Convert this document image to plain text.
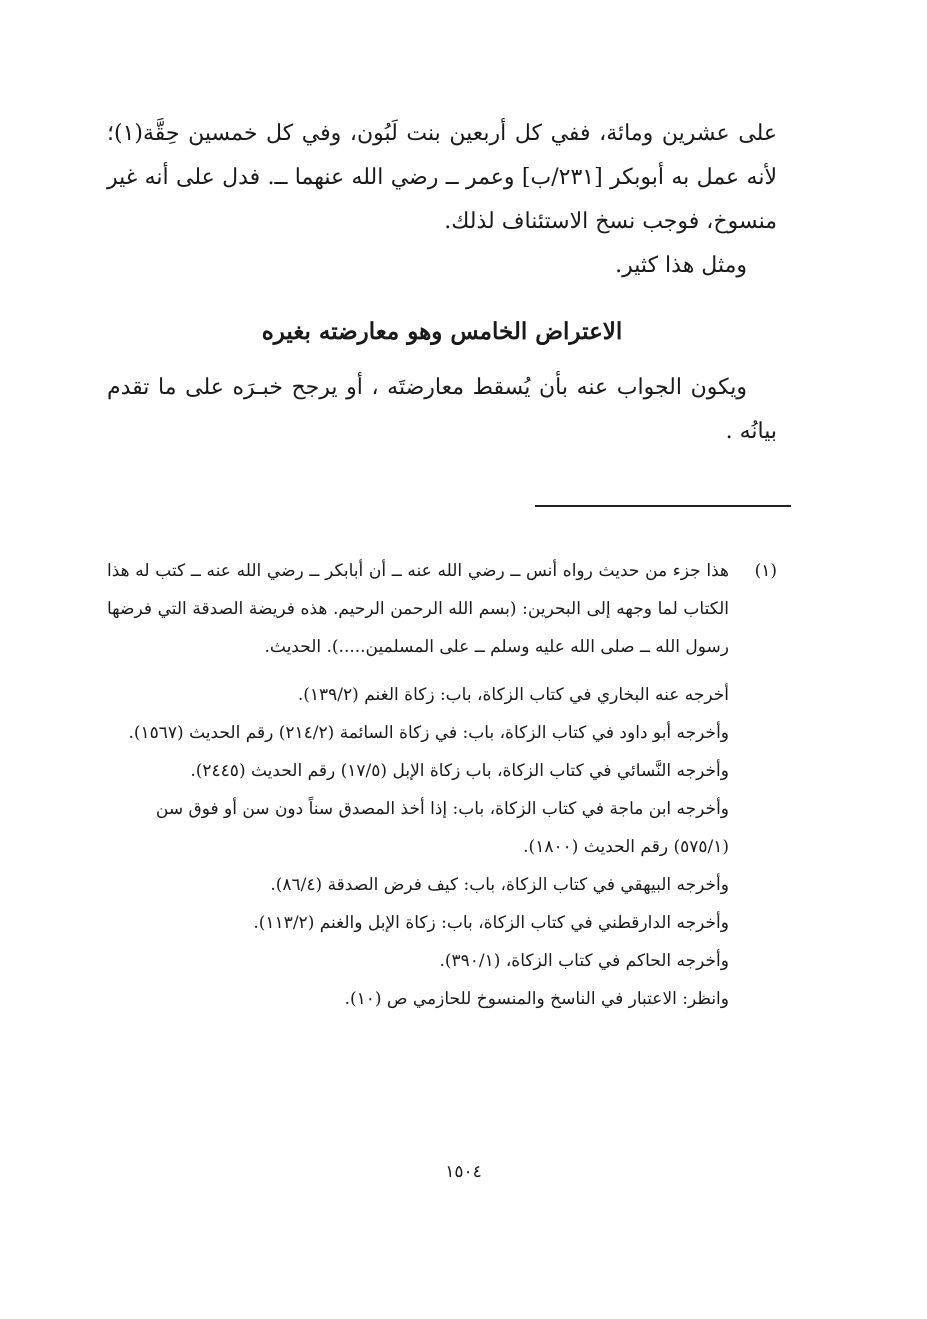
على عشرين ومائة، ففي كل أربعين بنت لَبُون، وفي كل خمسين حِقَّة(١)؛ لأنه عمل به أبوبكر [٢٣١/ب] وعمر ــ رضي الله عنهما ــ. فدل على أنه غير منسوخ، فوجب نسخ الاستئناف لذلك.

ومثل هذا كثير.

الاعتراض الخامس وهو معارضته بغيره

ويكون الجواب عنه بأن يُسقط معارضتَه ، أو يرجح خبـرَه على ما تقدم بيانُه .

(١)
هذا جزء من حديث رواه أنس ــ رضي الله عنه ــ أن أبابكر ــ رضي الله عنه ــ كتب له هذا الكتاب لما وجهه إلى البحرين: (بسم الله الرحمن الرحيم. هذه فريضة الصدقة التي فرضها رسول الله ــ صلى الله عليه وسلم ــ على المسلمين.....). الحديث.
أخرجه عنه البخاري في كتاب الزكاة، باب: زكاة الغنم (١٣٩/٢).
وأخرجه أبو داود في كتاب الزكاة، باب: في زكاة السائمة (٢١٤/٢) رقم الحديث (١٥٦٧).
وأخرجه النَّسائي في كتاب الزكاة، باب زكاة الإبل (١٧/٥) رقم الحديث (٢٤٤٥).
وأخرجه ابن ماجة في كتاب الزكاة، باب: إذا أخذ المصدق سناً دون سن أو فوق سن (٥٧٥/١) رقم الحديث (١٨٠٠).
وأخرجه البيهقي في كتاب الزكاة، باب: كيف فرض الصدقة (٨٦/٤).
وأخرجه الدارقطني في كتاب الزكاة، باب: زكاة الإبل والغنم (١١٣/٢).
وأخرجه الحاكم في كتاب الزكاة، (٣٩٠/١).
وانظر: الاعتبار في الناسخ والمنسوخ للحازمي ص (١٠).
١٥٠٤
